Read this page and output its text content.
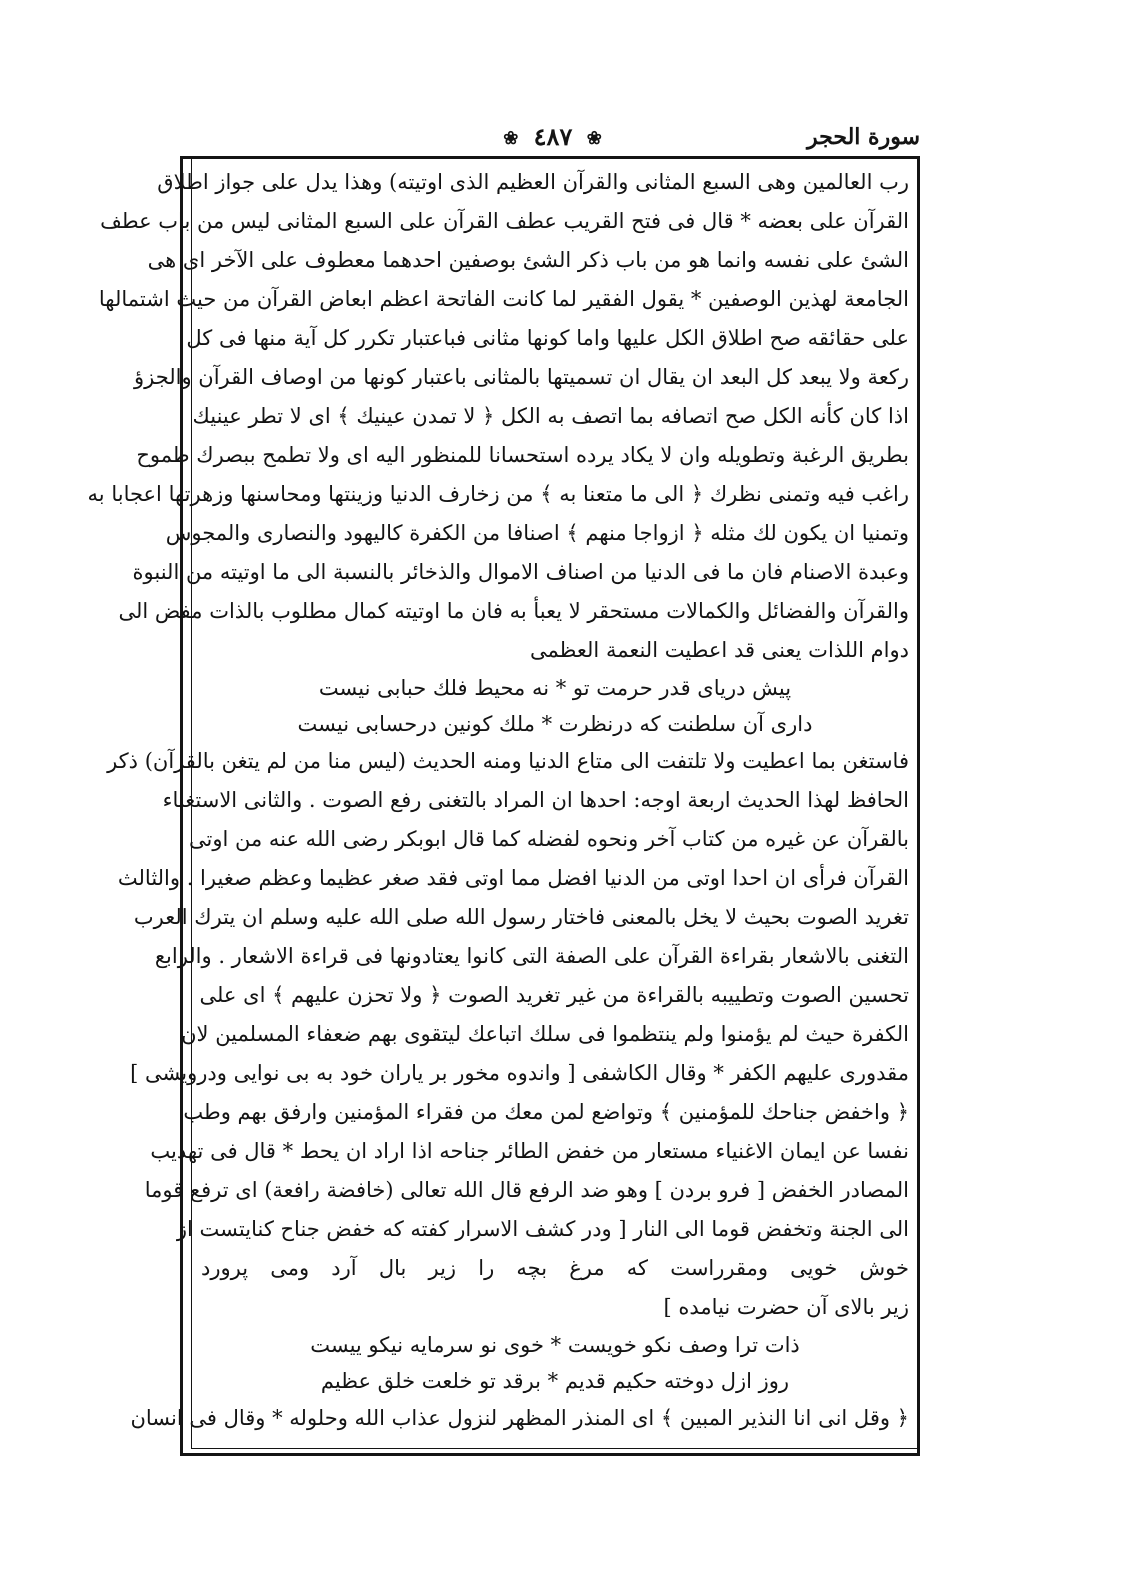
سورة الحجر
❀ ٤٨٧ ❀
رب العالمين وهى السبع المثانى والقرآن العظيم الذى اوتيته) وهذا يدل على جواز اطلاق
القرآن على بعضه * قال فى فتح القريب عطف القرآن على السبع المثانى ليس من باب عطف
الشئ على نفسه وانما هو من باب ذكر الشئ بوصفين احدهما معطوف على الآخر اى هى
الجامعة لهذين الوصفين * يقول الفقير لما كانت الفاتحة اعظم ابعاض القرآن من حيث اشتمالها
على حقائقه صح اطلاق الكل عليها واما كونها مثانى فباعتبار تكرر كل آية منها فى كل
ركعة ولا يبعد كل البعد ان يقال ان تسميتها بالمثانى باعتبار كونها من اوصاف القرآن والجزؤ
اذا كان كأنه الكل صح اتصافه بما اتصف به الكل ﴿ لا تمدن عينيك ﴾ اى لا تطر عينيك
بطريق الرغبة وتطويله وان لا يكاد يرده استحسانا للمنظور اليه اى ولا تطمح ببصرك طموح
راغب فيه وتمنى نظرك ﴿ الى ما متعنا به ﴾ من زخارف الدنيا وزينتها ومحاسنها وزهرتها اعجابا به
وتمنيا ان يكون لك مثله ﴿ ازواجا منهم ﴾ اصنافا من الكفرة كاليهود والنصارى والمجوس
وعبدة الاصنام فان ما فى الدنيا من اصناف الاموال والذخائر بالنسبة الى ما اوتيته من النبوة
والقرآن والفضائل والكمالات مستحقر لا يعبأ به فان ما اوتيته كمال مطلوب بالذات مفض الى
دوام اللذات يعنى قد اعطيت النعمة العظمى
پيش دريای قدر حرمت تو * نه محيط فلك حبابى نيست
دارى آن سلطنت كه درنظرت * ملك كونين درحسابى نيست
فاستغن بما اعطيت ولا تلتفت الى متاع الدنيا ومنه الحديث (ليس منا من لم يتغن بالقرآن) ذكر
الحافظ لهذا الحديث اربعة اوجه: احدها ان المراد بالتغنى رفع الصوت . والثانى الاستغناء
بالقرآن عن غيره من كتاب آخر ونحوه لفضله كما قال ابوبكر رضى الله عنه من اوتى
القرآن فرأى ان احدا اوتى من الدنيا افضل مما اوتى فقد صغر عظيما وعظم صغيرا . والثالث
تغريد الصوت بحيث لا يخل بالمعنى فاختار رسول الله صلى الله عليه وسلم ان يترك العرب
التغنى بالاشعار بقراءة القرآن على الصفة التى كانوا يعتادونها فى قراءة الاشعار . والرابع
تحسين الصوت وتطييبه بالقراءة من غير تغريد الصوت ﴿ ولا تحزن عليهم ﴾ اى على
الكفرة حيث لم يؤمنوا ولم ينتظموا فى سلك اتباعك ليتقوى بهم ضعفاء المسلمين لان
مقدورى عليهم الكفر * وقال الكاشفى [ واندوه مخور بر ياران خود به بى نوايى ودرويشى ]
﴿ واخفض جناحك للمؤمنين ﴾ وتواضع لمن معك من فقراء المؤمنين وارفق بهم وطب
نفسا عن ايمان الاغنياء مستعار من خفض الطائر جناحه اذا اراد ان يحط * قال فى تهذيب
المصادر الخفض [ فرو بردن ] وهو ضد الرفع قال الله تعالى (خافضة رافعة) اى ترفع قوما
الى الجنة وتخفض قوما الى النار [ ودر كشف الاسرار كفته كه خفض جناح كنايتست از
خوش خويى ومقرراست كه مرغ بچه را زير بال آرد ومى پرورد
زير بالاى آن حضرت نيامده ]
ذات ترا وصف نكو خويست * خوى نو سرمايه نيكو ييست
روز ازل دوخته حكيم قديم * برقد تو خلعت خلق عظيم
﴿ وقل انى انا النذير المبين ﴾ اى المنذر المظهر لنزول عذاب الله وحلوله * وقال فى انسان
